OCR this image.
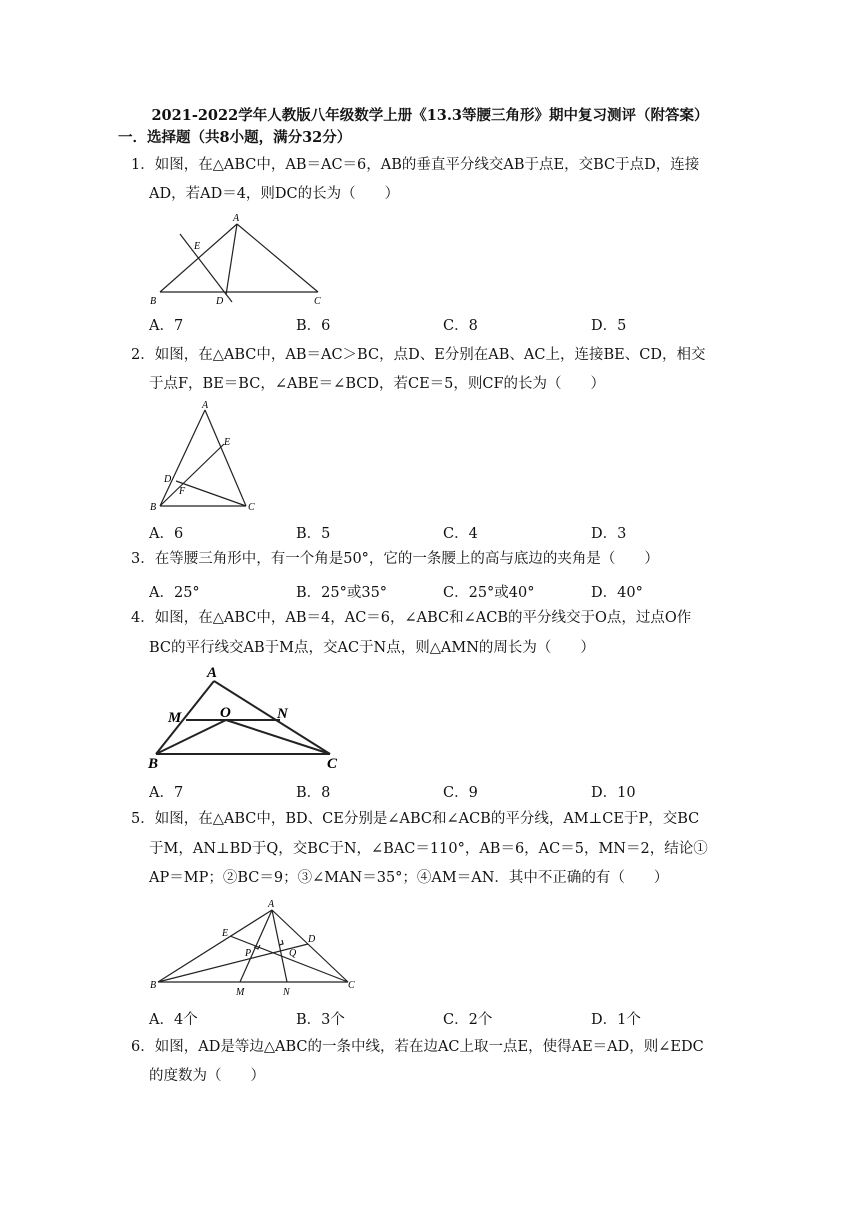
2021-2022学年人教版八年级数学上册《13.3等腰三角形》期中复习测评（附答案）
一．选择题（共8小题，满分32分）
1．如图，在△ABC中，AB＝AC＝6，AB的垂直平分线交AB于点E，交BC于点D，连接
AD，若AD＝4，则DC的长为（　　）
A
E
B	D	C
A．7	B．6	C．8	D．5
2．如图，在△ABC中，AB＝AC＞BC，点D、E分别在AB、AC上，连接BE、CD，相交
于点F，BE＝BC，∠ABE＝∠BCD，若CE＝5，则CF的长为（　　）
A
E
D
F
B	C
A．6	B．5	C．4	D．3
3．在等腰三角形中，有一个角是50°，它的一条腰上的高与底边的夹角是（　　）
A．25°	B．25°或35°	C．25°或40°	D．40°
4．如图，在△ABC中，AB＝4，AC＝6，∠ABC和∠ACB的平分线交于O点，过点O作
BC的平行线交AB于M点，交AC于N点，则△AMN的周长为（　　）
A
M	O	N
B	C
A．7	B．8	C．9	D．10
5．如图，在△ABC中，BD、CE分别是∠ABC和∠ACB的平分线，AM⊥CE于P，交BC
于M，AN⊥BD于Q，交BC于N，∠BAC＝110°，AB＝6，AC＝5，MN＝2，结论①
AP＝MP；②BC＝9；③∠MAN＝35°；④AM＝AN．其中不正确的有（　　）
A
E
D
P	Q
B
M	N
C
A．4个	B．3个	C．2个	D．1个
6．如图，AD是等边△ABC的一条中线，若在边AC上取一点E，使得AE＝AD，则∠EDC
的度数为（　　）
